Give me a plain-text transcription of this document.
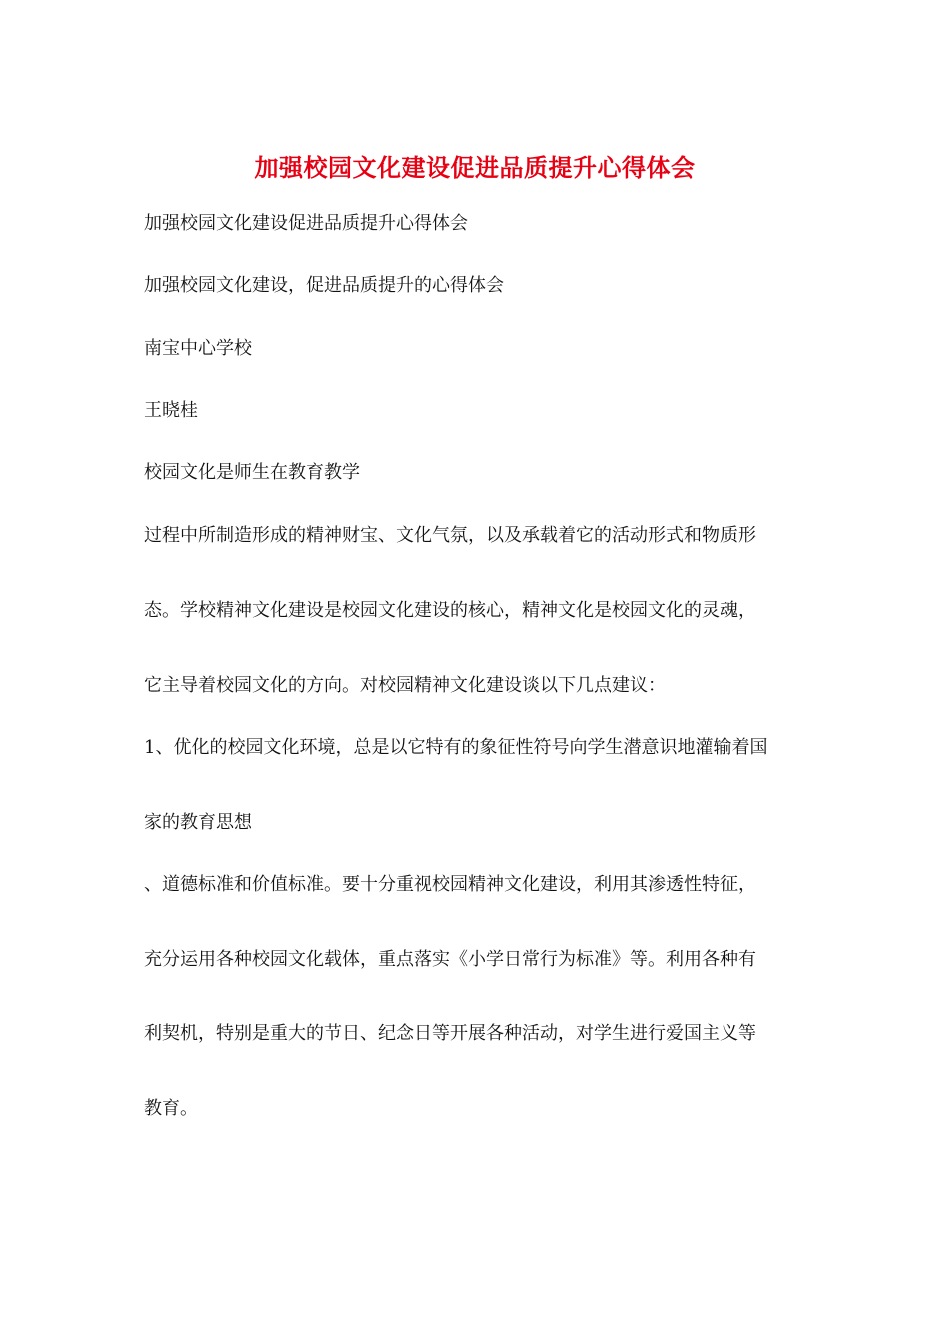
加强校园文化建设促进品质提升心得体会
加强校园文化建设促进品质提升心得体会
加强校园文化建设，促进品质提升的心得体会
南宝中心学校
王晓桂
校园文化是师生在教育教学
过程中所制造形成的精神财宝、文化气氛，以及承载着它的活动形式和物质形
态。学校精神文化建设是校园文化建设的核心，精神文化是校园文化的灵魂，
它主导着校园文化的方向。对校园精神文化建设谈以下几点建议：
1、优化的校园文化环境，总是以它特有的象征性符号向学生潜意识地灌输着国
家的教育思想
、道德标准和价值标准。要十分重视校园精神文化建设，利用其渗透性特征，
充分运用各种校园文化载体，重点落实《小学日常行为标准》等。利用各种有
利契机，特别是重大的节日、纪念日等开展各种活动，对学生进行爱国主义等
教育。
